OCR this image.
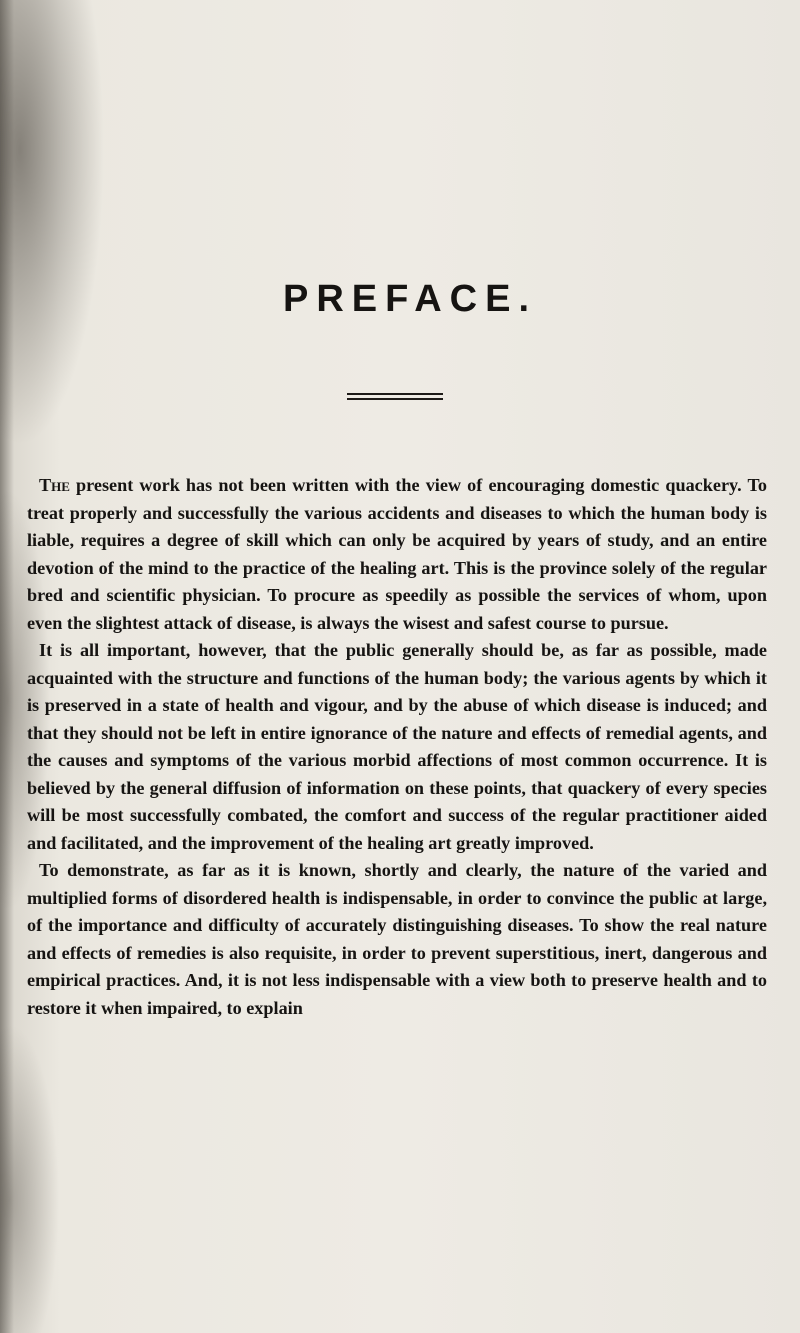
PREFACE.

The present work has not been written with the view of encouraging domestic quackery. To treat properly and successfully the various accidents and diseases to which the human body is liable, requires a degree of skill which can only be acquired by years of study, and an entire devotion of the mind to the practice of the healing art. This is the province solely of the regular bred and scientific physician. To procure as speedily as possible the services of whom, upon even the slightest attack of disease, is always the wisest and safest course to pursue.

It is all important, however, that the public generally should be, as far as possible, made acquainted with the structure and functions of the human body; the various agents by which it is preserved in a state of health and vigour, and by the abuse of which disease is induced; and that they should not be left in entire ignorance of the nature and effects of remedial agents, and the causes and symptoms of the various morbid affections of most common occurrence. It is believed by the general diffusion of information on these points, that quackery of every species will be most successfully combated, the comfort and success of the regular practitioner aided and facilitated, and the improvement of the healing art greatly improved.

To demonstrate, as far as it is known, shortly and clearly, the nature of the varied and multiplied forms of disordered health is indispensable, in order to convince the public at large, of the importance and difficulty of accurately distinguishing diseases. To show the real nature and effects of remedies is also requisite, in order to prevent superstitious, inert, dangerous and empirical practices. And, it is not less indispensable with a view both to preserve health and to restore it when impaired, to explain
